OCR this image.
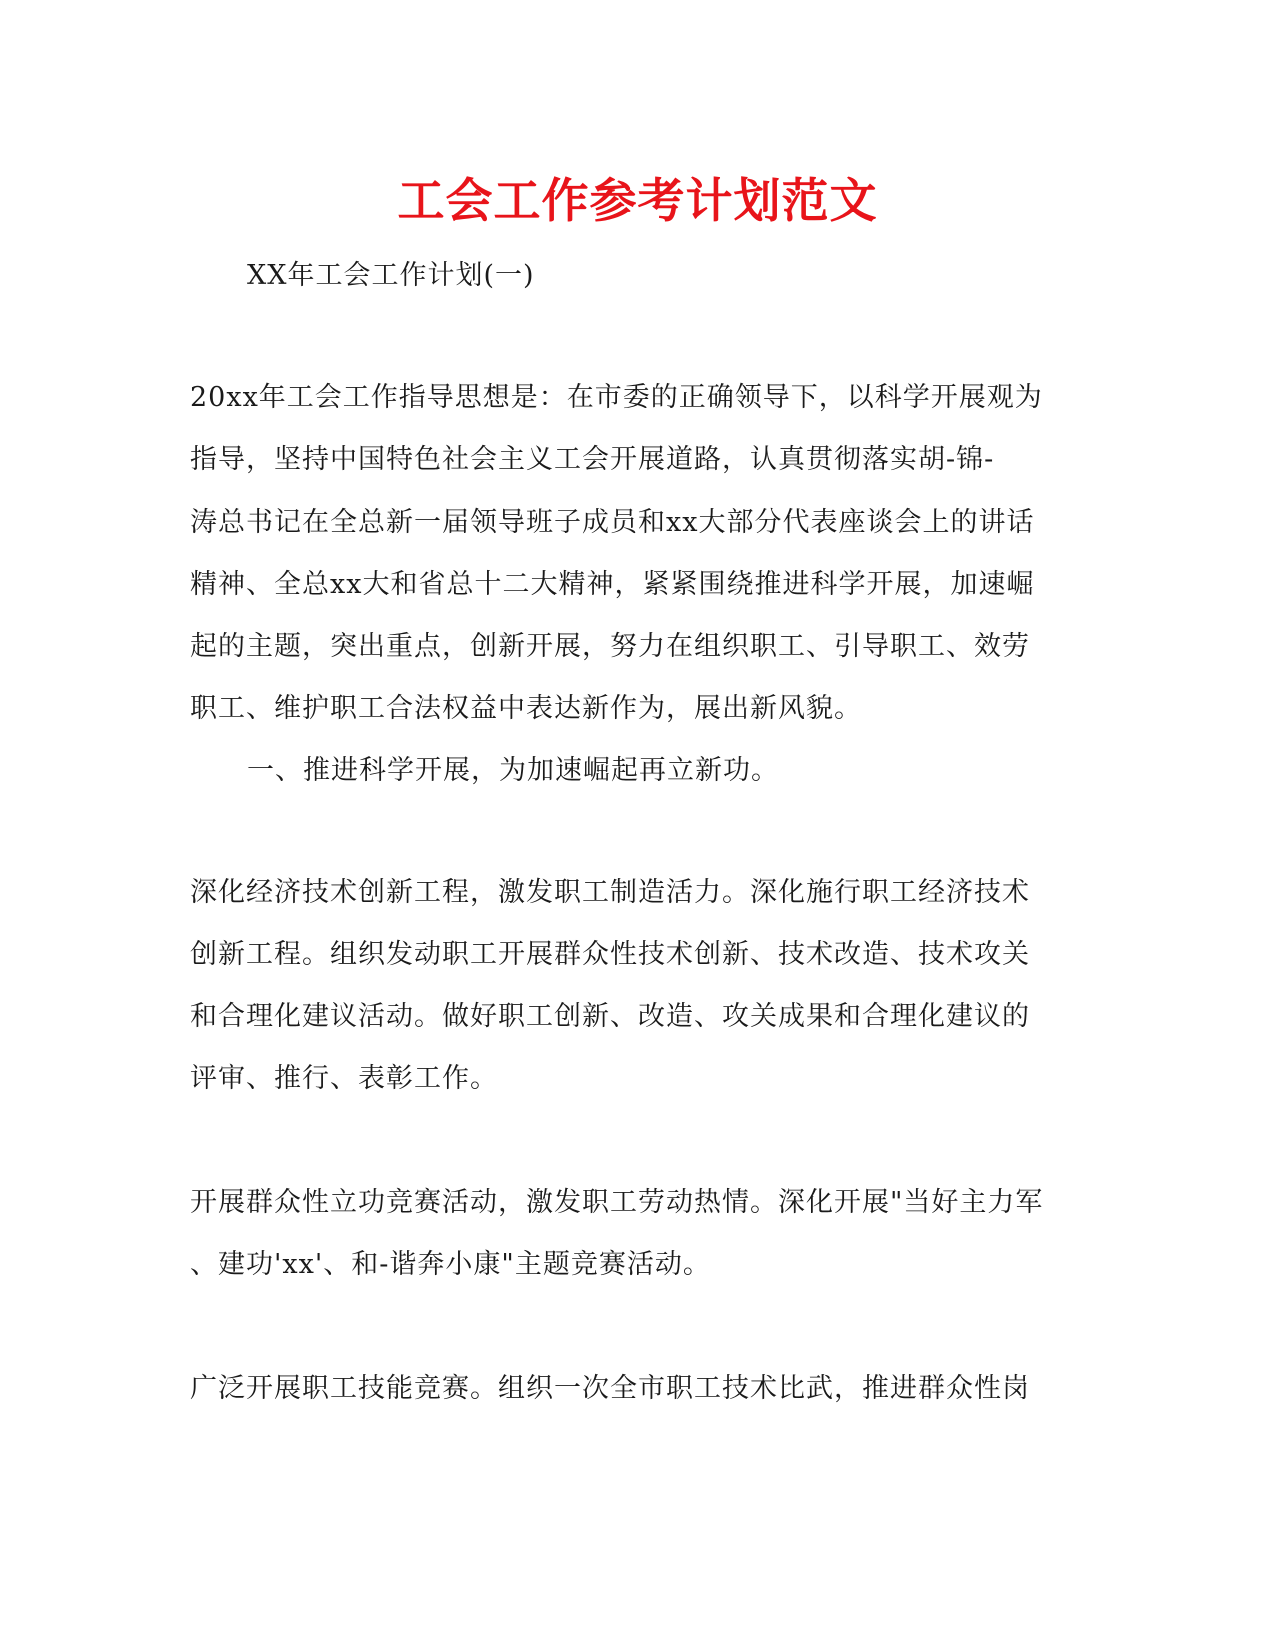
工会工作参考计划范文
XX年工会工作计划(一)
20xx年工会工作指导思想是：在市委的正确领导下，以科学开展观为
指导，坚持中国特色社会主义工会开展道路，认真贯彻落实胡-锦-
涛总书记在全总新一届领导班子成员和xx大部分代表座谈会上的讲话
精神、全总xx大和省总十二大精神，紧紧围绕推进科学开展，加速崛
起的主题，突出重点，创新开展，努力在组织职工、引导职工、效劳
职工、维护职工合法权益中表达新作为，展出新风貌。
一、推进科学开展，为加速崛起再立新功。
深化经济技术创新工程，激发职工制造活力。深化施行职工经济技术
创新工程。组织发动职工开展群众性技术创新、技术改造、技术攻关
和合理化建议活动。做好职工创新、改造、攻关成果和合理化建议的
评审、推行、表彰工作。
开展群众性立功竞赛活动，激发职工劳动热情。深化开展"当好主力军
、建功'xx'、和-谐奔小康"主题竞赛活动。
广泛开展职工技能竞赛。组织一次全市职工技术比武，推进群众性岗
